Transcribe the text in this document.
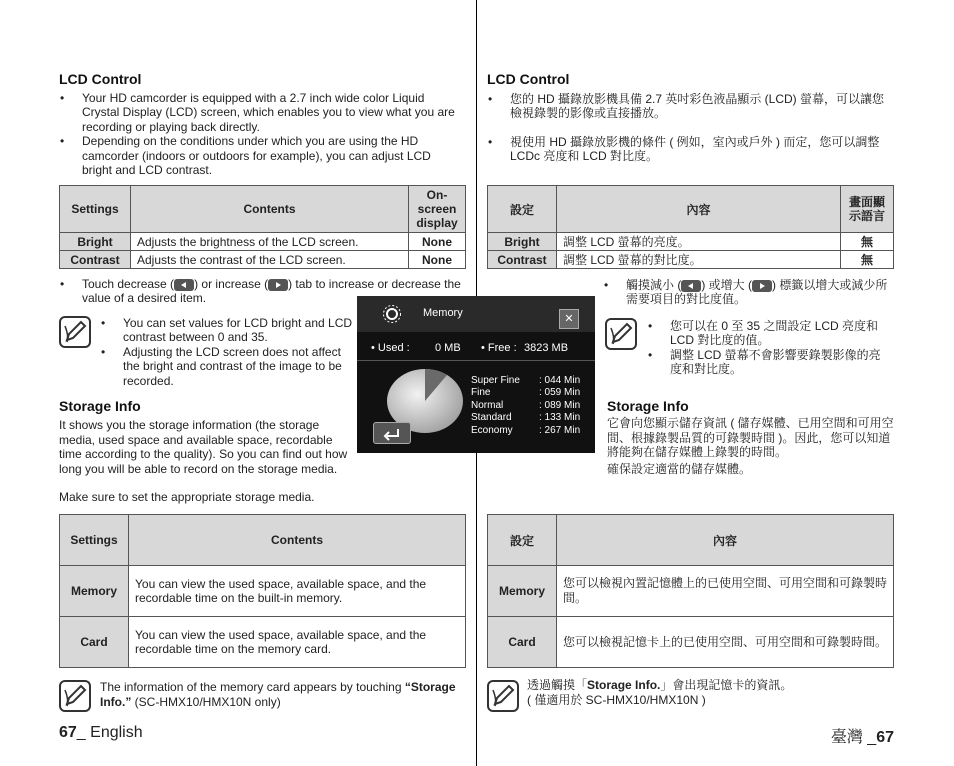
LCD Control
• Your HD camcorder is equipped with a 2.7 inch wide color Liquid Crystal Display (LCD) screen, which enables you to view what you are recording or playing back directly.
• Depending on the conditions under which you are using the HD camcorder (indoors or outdoors for example), you can adjust LCD bright and LCD contrast.
Settings	Contents	On-screen display
Bright	Adjusts the brightness of the LCD screen.	None
Contrast	Adjusts the contrast of the LCD screen.	None
• Touch decrease ( ) or increase ( ) tab to increase or decrease the value of a desired item.
• You can set values for LCD bright and LCD contrast between 0 and 35.
• Adjusting the LCD screen does not affect the bright and contrast of the image to be recorded.
Storage Info
It shows you the storage information (the storage media, used space and available space, recordable time according to the quality). So you can find out how long you will be able to record on the storage media.
Make sure to set the appropriate storage media.
Settings	Contents
Memory	You can view the used space, available space, and the recordable time on the built-in memory.
Card	You can view the used space, available space, and the recordable time on the memory card.
The information of the memory card appears by touching “Storage Info.” (SC-HMX10/HMX10N only)
67_ English
Memory	✕
• Used : 0 MB • Free : 3823 MB
Super Fine : 044 Min
Fine	: 059 Min
Normal	: 089 Min
Standard	: 133 Min
Economy	: 267 Min
LCD Control
• 您的 HD 攝錄放影機具備 2.7 英吋彩色液晶顯示 (LCD) 螢幕，可以讓您檢視錄製的影像或直接播放。
• 視使用 HD 攝錄放影機的條件 ( 例如，室內或戶外 ) 而定，您可以調整 LCDc 亮度和 LCD 對比度。
設定	內容	畫面顯示語言
Bright	調整 LCD 螢幕的亮度。	無
Contrast	調整 LCD 螢幕的對比度。	無
• 觸摸減小 ( ) 或增大 ( ) 標籤以增大或減少所需要項目的對比度值。
• 您可以在 0 至 35 之間設定 LCD 亮度和 LCD 對比度的值。
• 調整 LCD 螢幕不會影響要錄製影像的亮度和對比度。
Storage Info
它會向您顯示儲存資訊 ( 儲存媒體、已用空間和可用空間、根據錄製品質的可錄製時間 )。因此，您可以知道將能夠在儲存媒體上錄製的時間。
確保設定適當的儲存媒體。
設定	內容
Memory	您可以檢視內置記憶體上的已使用空間、可用空間和可錄製時間。
Card	您可以檢視記憶卡上的已使用空間、可用空間和可錄製時間。
透過觸摸「Storage Info.」會出現記憶卡的資訊。
( 僅適用於 SC-HMX10/HMX10N )
臺灣 _67
